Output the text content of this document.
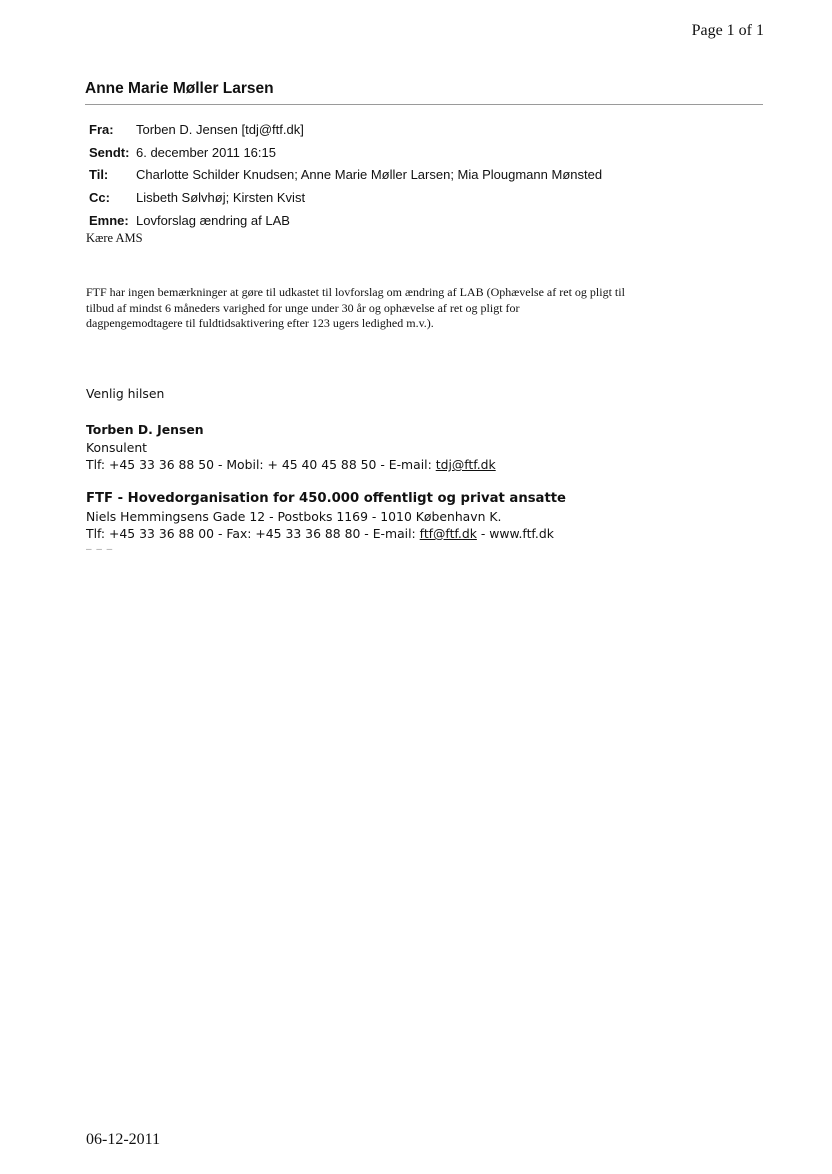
Page 1 of 1
Anne Marie Møller Larsen
Fra:	Torben D. Jensen [tdj@ftf.dk]
Sendt: 6. december 2011 16:15
Til:	Charlotte Schilder Knudsen; Anne Marie Møller Larsen; Mia Plougmann Mønsted
Cc:	Lisbeth Sølvhøj; Kirsten Kvist
Emne: Lovforslag ændring af LAB
Kære AMS
FTF har ingen bemærkninger at gøre til udkastet til lovforslag om ændring af LAB (Ophævelse af ret og pligt til
tilbud af mindst 6 måneders varighed for unge under 30 år og ophævelse af ret og pligt for
dagpengemodtagere til fuldtidsaktivering efter 123 ugers ledighed m.v.).
Venlig hilsen
Torben D. Jensen
Konsulent
Tlf: +45 33 36 88 50 - Mobil: + 45 40 45 88 50 - E-mail: tdj@ftf.dk
FTF - Hovedorganisation for 450.000 offentligt og privat ansatte
Niels Hemmingsens Gade 12 - Postboks 1169 - 1010 København K.
Tlf: +45 33 36 88 00 - Fax: +45 33 36 88 80 - E-mail: ftf@ftf.dk - www.ftf.dk
– – –
06-12-2011
